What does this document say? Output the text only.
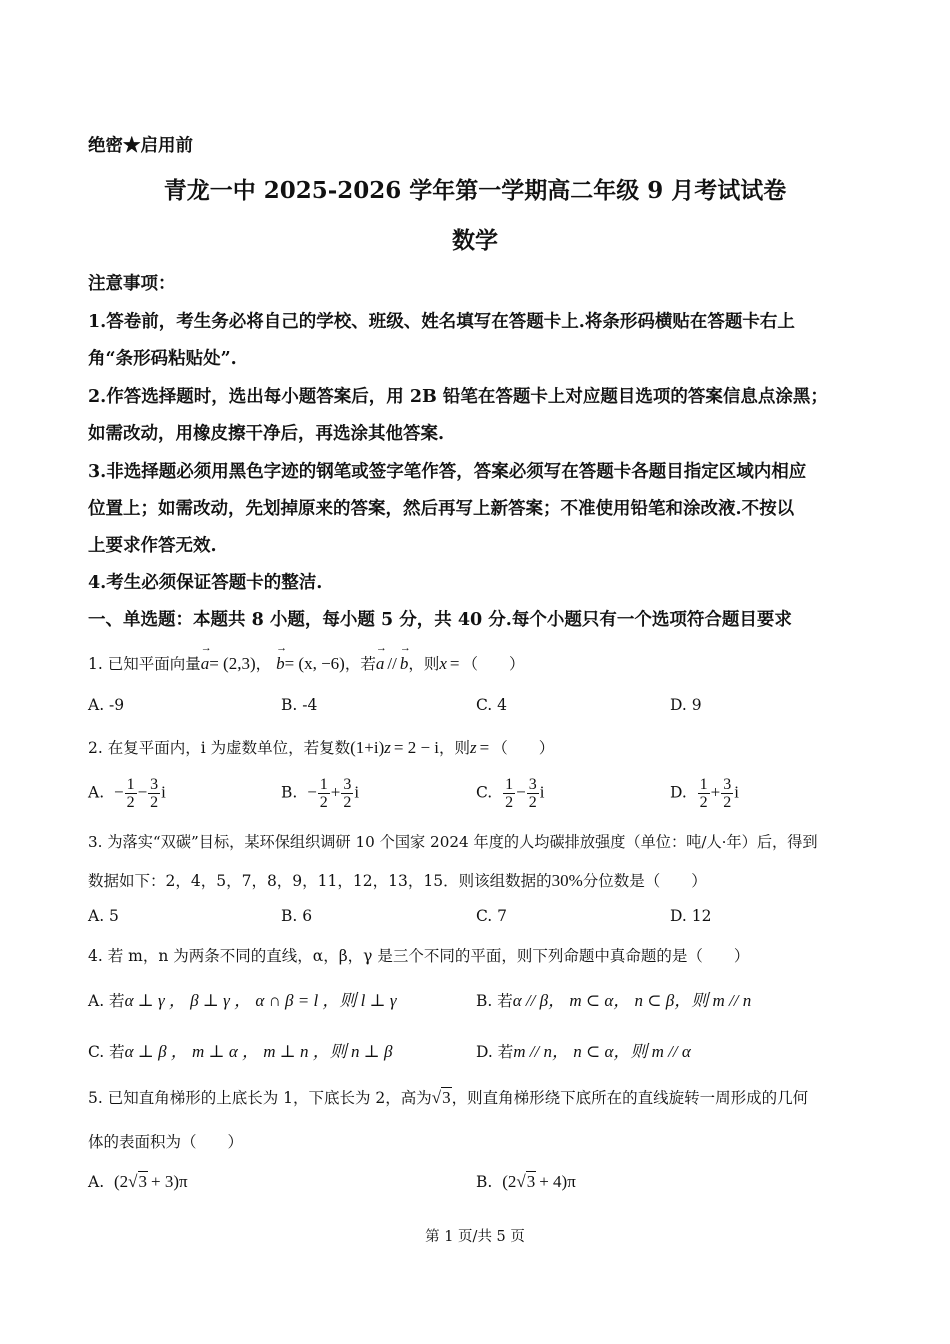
绝密★启用前
青龙一中 2025-2026 学年第一学期高二年级 9 月考试试卷
数学
注意事项：
1.答卷前，考生务必将自己的学校、班级、姓名填写在答题卡上.将条形码横贴在答题卡右上
角“条形码粘贴处”.
2.作答选择题时，选出每小题答案后，用 2B 铅笔在答题卡上对应题目选项的答案信息点涂黑；
如需改动，用橡皮擦干净后，再选涂其他答案.
3.非选择题必须用黑色字迹的钢笔或签字笔作答，答案必须写在答题卡各题目指定区域内相应
位置上；如需改动，先划掉原来的答案，然后再写上新答案；不准使用铅笔和涂改液.不按以
上要求作答无效.
4.考生必须保证答题卡的整洁.
一、单选题：本题共 8 小题，每小题 5 分，共 40 分.每个小题只有一个选项符合题目要求
1. 已知平面向量→ a= (2,3)， → b= (x, −6)，若→ a // → b，则x = （　　）
A. -9	B. -4	C. 4	D. 9
2. 在复平面内，i 为虚数单位，若复数(1+i)z = 2 − i，则z = （　　）
A. − $\frac{1}{2} - \frac{3}{2}$ i	B. − $\frac{1}{2} + \frac{3}{2}$ i	C. $\frac{1}{2} - \frac{3}{2}$ i	D. $\frac{1}{2} + \frac{3}{2}$ i
3. 为落实“双碳”目标，某环保组织调研 10 个国家 2024 年度的人均碳排放强度（单位：吨/人·年）后，得到
数据如下：2，4，5，7，8，9，11，12，13，15．则该组数据的30%分位数是（　　）
A. 5	B. 6	C. 7	D. 12
4. 若 m，n 为两条不同的直线，α，β，γ 是三个不同的平面，则下列命题中真命题的是（　　）
A. 若α ⊥ γ ， β ⊥ γ ， α ∩ β = l ，则 l ⊥ γ	B. 若α // β， m ⊂ α， n ⊂ β，则 m // n
C. 若α ⊥ β ， m ⊥ α ， m ⊥ n ，则 n ⊥ β	D. 若m // n， n ⊂ α，则 m // α
5. 已知直角梯形的上底长为 1，下底长为 2，高为√3，则直角梯形绕下底所在的直线旋转一周形成的几何
体的表面积为（　　）
A. (2√3 + 3)π	B. (2√3 + 4)π
第 1 页/共 5 页
